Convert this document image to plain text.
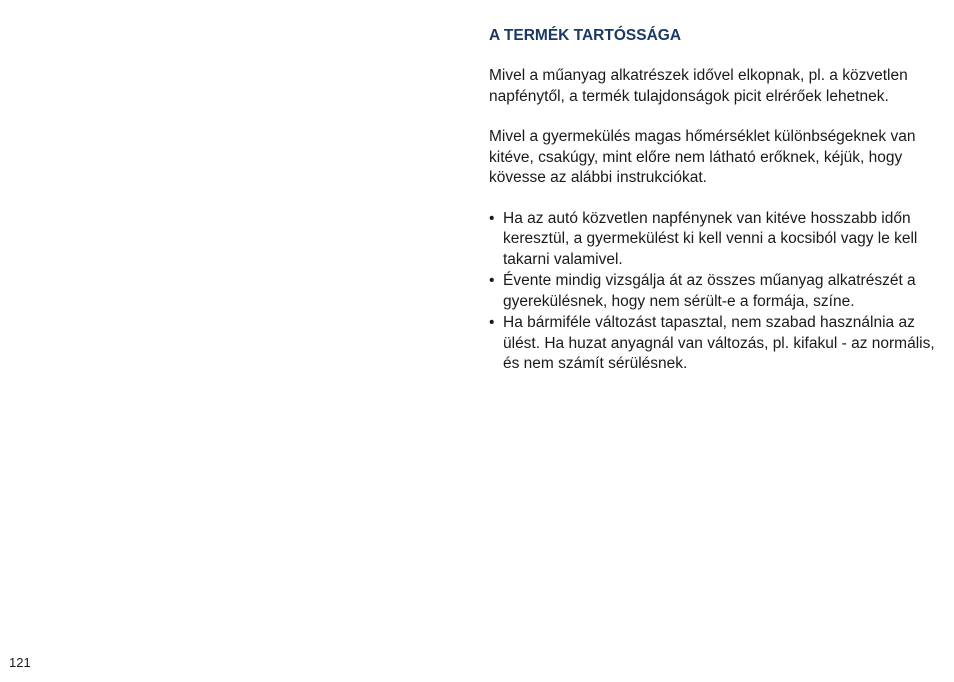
A TERMÉK TARTÓSSÁGA

Mivel a műanyag alkatrészek idővel elkopnak, pl. a közvetlen napfénytől, a termék tulajdonságok picit elrérőek lehetnek.

Mivel a gyermekülés magas hőmérséklet különbségeknek van kitéve, csakúgy, mint előre nem látható erőknek, kéjük, hogy kövesse az alábbi instrukciókat.

• Ha az autó közvetlen napfénynek van kitéve hosszabb időn keresztül, a gyermekülést ki kell venni a kocsiból vagy le kell takarni valamivel.
• Évente mindig vizsgálja át az összes műanyag alkatrészét a gyerekülésnek, hogy nem sérült-e a formája, színe.
• Ha bármiféle változást tapasztal, nem szabad használnia az ülést. Ha huzat anyagnál van változás, pl. kifakul - az normális, és nem számít sérülésnek.
121
